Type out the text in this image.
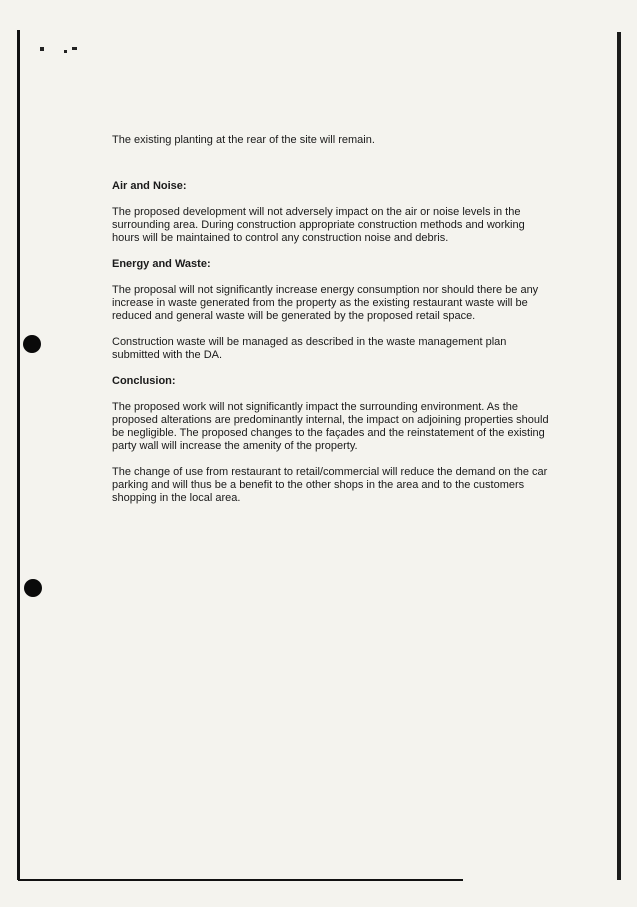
The existing planting at the rear of the site will remain.

Air and Noise:

The proposed development will not adversely impact on the air or noise levels in the surrounding area. During construction appropriate construction methods and working hours will be maintained to control any construction noise and debris.

Energy and Waste:

The proposal will not significantly increase energy consumption nor should there be any increase in waste generated from the property as the existing restaurant waste will be reduced and general waste will be generated by the proposed retail space.

Construction waste will be managed as described in the waste management plan submitted with the DA.

Conclusion:

The proposed work will not significantly impact the surrounding environment. As the proposed alterations are predominantly internal, the impact on adjoining properties should be negligible. The proposed changes to the façades and the reinstatement of the existing party wall will increase the amenity of the property.

The change of use from restaurant to retail/commercial will reduce the demand on the car parking and will thus be a benefit to the other shops in the area and to the customers shopping in the local area.
